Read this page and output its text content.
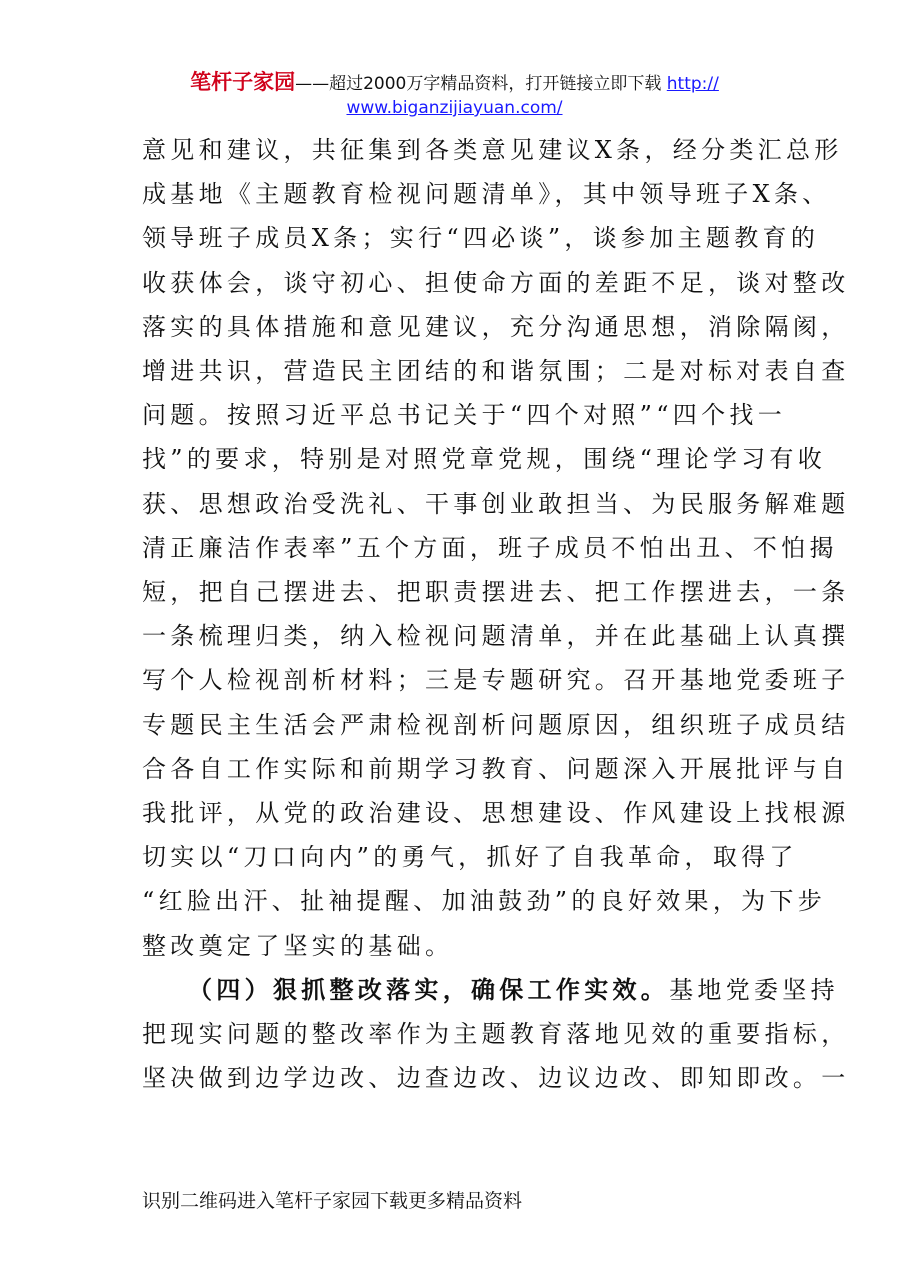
笔杆子家园——超过2000万字精品资料，打开链接立即下载 http://
www.biganzijiayuan.com/
意见和建议，共征集到各类意见建议X条，经分类汇总形
成基地《主题教育检视问题清单》，其中领导班子X条、
领导班子成员X条；实行“四必谈”，谈参加主题教育的
收获体会，谈守初心、担使命方面的差距不足，谈对整改
落实的具体措施和意见建议，充分沟通思想，消除隔阂，
增进共识，营造民主团结的和谐氛围；二是对标对表自查
问题。按照习近平总书记关于“四个对照”“四个找一
找”的要求，特别是对照党章党规，围绕“理论学习有收
获、思想政治受洗礼、干事创业敢担当、为民服务解难题
清正廉洁作表率”五个方面，班子成员不怕出丑、不怕揭
短，把自己摆进去、把职责摆进去、把工作摆进去，一条
一条梳理归类，纳入检视问题清单，并在此基础上认真撰
写个人检视剖析材料；三是专题研究。召开基地党委班子
专题民主生活会严肃检视剖析问题原因，组织班子成员结
合各自工作实际和前期学习教育、问题深入开展批评与自
我批评，从党的政治建设、思想建设、作风建设上找根源
切实以“刀口向内”的勇气，抓好了自我革命，取得了
“红脸出汗、扯袖提醒、加油鼓劲”的良好效果，为下步
整改奠定了坚实的基础。
（四）狠抓整改落实，确保工作实效。基地党委坚持
把现实问题的整改率作为主题教育落地见效的重要指标，
坚决做到边学边改、边查边改、边议边改、即知即改。一
识别二维码进入笔杆子家园下载更多精品资料
